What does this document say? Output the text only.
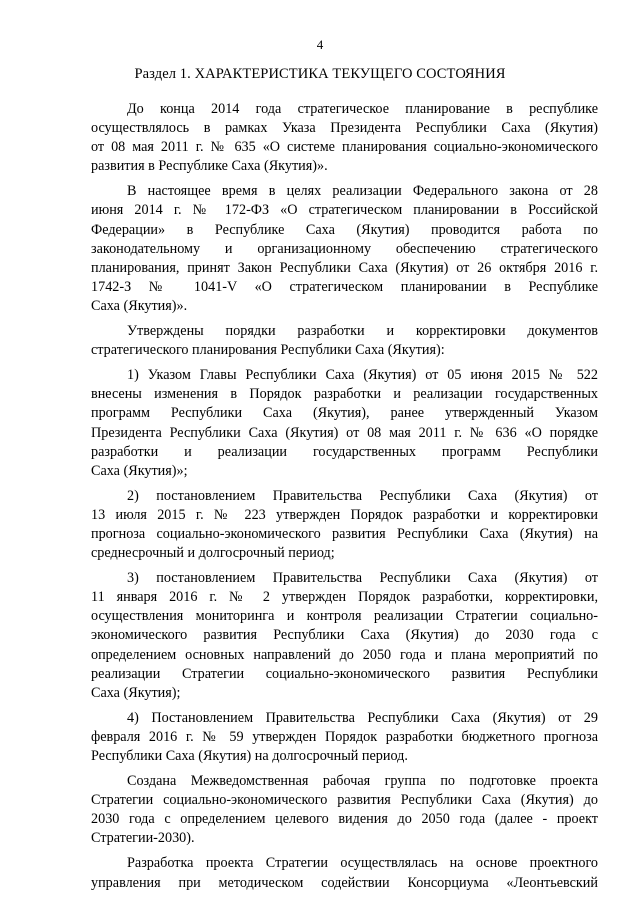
4
Раздел 1. ХАРАКТЕРИСТИКА ТЕКУЩЕГО СОСТОЯНИЯ
До конца 2014 года стратегическое планирование в республике
осуществлялось в рамках Указа Президента Республики Саха (Якутия)
от 08 мая 2011 г. № 635 «О системе планирования социально-экономического
развития в Республике Саха (Якутия)».
В настоящее время в целях реализации Федерального закона от 28
июня 2014 г. № 172-ФЗ «О стратегическом планировании в Российской
Федерации» в Республике Саха (Якутия) проводится работа по
законодательному и организационному обеспечению стратегического
планирования, принят Закон Республики Саха (Якутия) от 26 октября 2016 г.
1742-З № 1041-V «О стратегическом планировании в Республике
Саха (Якутия)».
Утверждены порядки разработки и корректировки документов
стратегического планирования Республики Саха (Якутия):
1) Указом Главы Республики Саха (Якутия) от 05 июня 2015 № 522
внесены изменения в Порядок разработки и реализации государственных
программ Республики Саха (Якутия), ранее утвержденный Указом
Президента Республики Саха (Якутия) от 08 мая 2011 г. № 636 «О порядке
разработки и реализации государственных программ Республики
Саха (Якутия)»;
2) постановлением Правительства Республики Саха (Якутия) от
13 июля 2015 г. № 223 утвержден Порядок разработки и корректировки
прогноза социально-экономического развития Республики Саха (Якутия) на
среднесрочный и долгосрочный период;
3) постановлением Правительства Республики Саха (Якутия) от
11 января 2016 г. № 2 утвержден Порядок разработки, корректировки,
осуществления мониторинга и контроля реализации Стратегии социально-
экономического развития Республики Саха (Якутия) до 2030 года с
определением основных направлений до 2050 года и плана мероприятий по
реализации Стратегии социально-экономического развития Республики
Саха (Якутия);
4) Постановлением Правительства Республики Саха (Якутия) от 29
февраля 2016 г. № 59 утвержден Порядок разработки бюджетного прогноза
Республики Саха (Якутия) на долгосрочный период.
Создана Межведомственная рабочая группа по подготовке проекта
Стратегии социально-экономического развития Республики Саха (Якутия) до
2030 года с определением целевого видения до 2050 года (далее - проект
Стратегии-2030).
Разработка проекта Стратегии осуществлялась на основе проектного
управления при методическом содействии Консорциума «Леонтьевский
